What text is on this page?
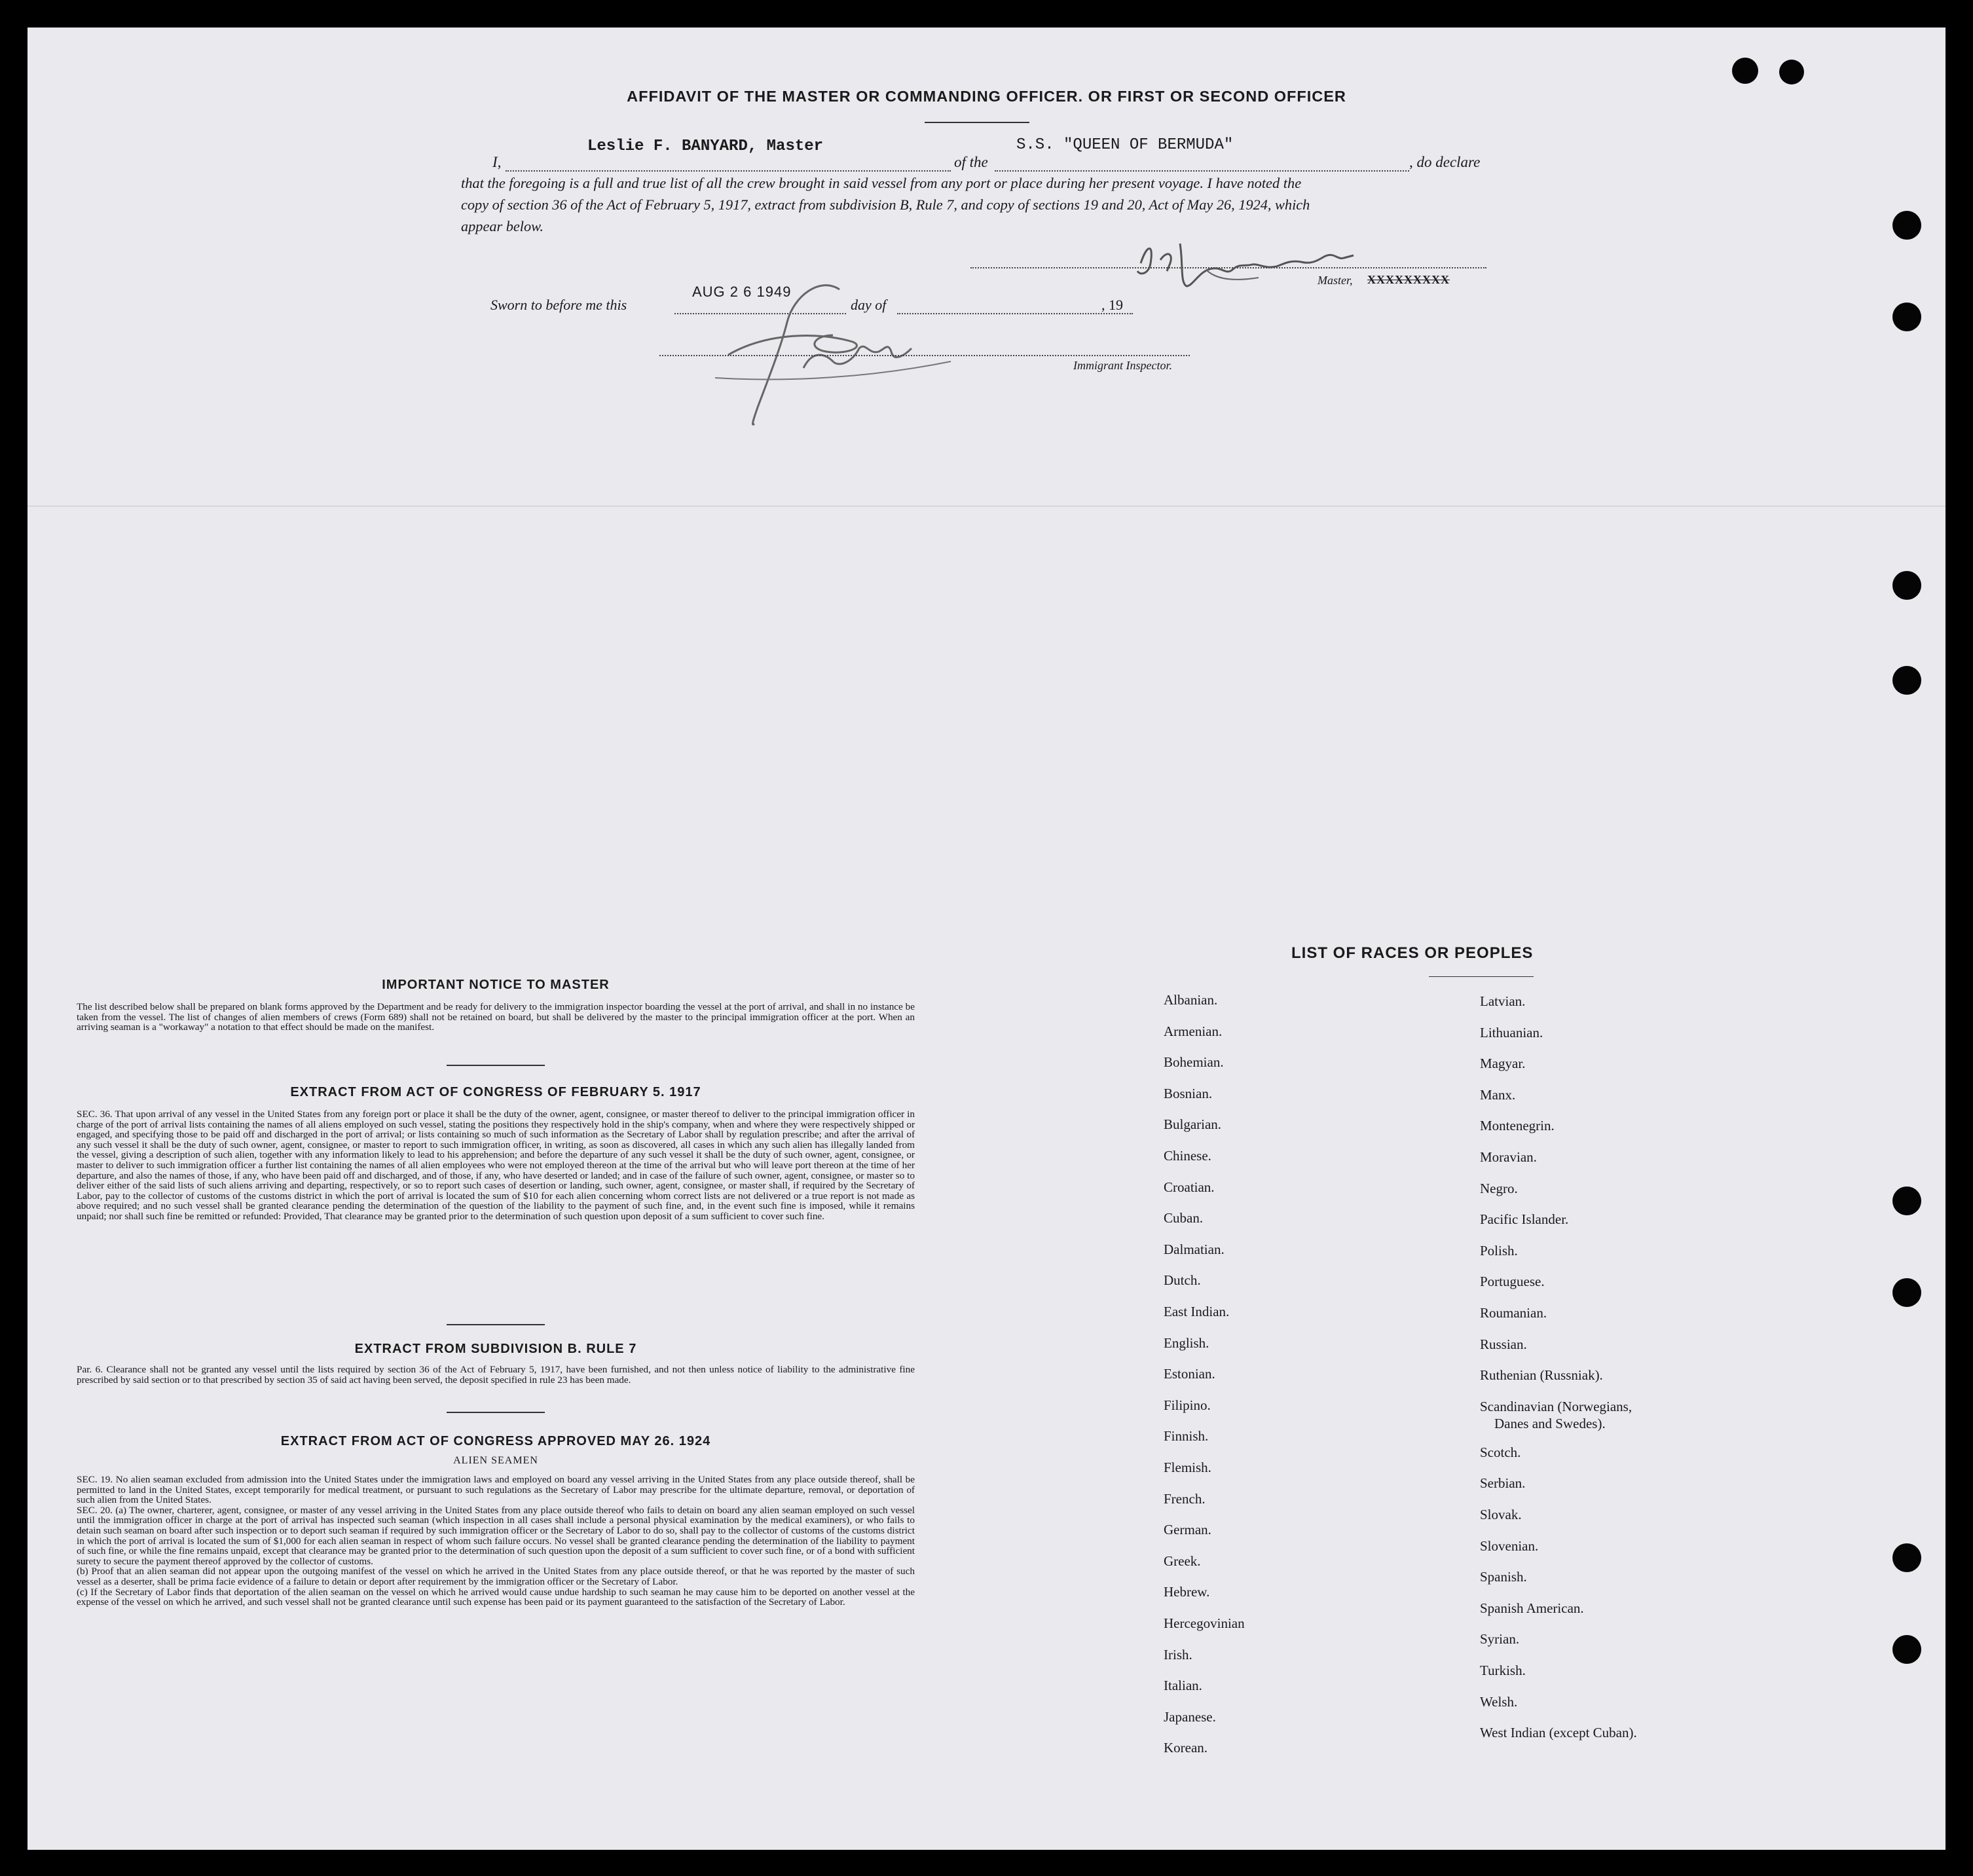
AFFIDAVIT OF THE MASTER OR COMMANDING OFFICER. OR FIRST OR SECOND OFFICER
I,
Leslie F. BANYARD, Master
of the
S.S. "QUEEN OF BERMUDA"
, do declare
that the foregoing is a full and true list of all the crew brought in said vessel from any port or place during her present voyage. I have noted the
copy of section 36 of the Act of February 5, 1917, extract from subdivision B, Rule 7, and copy of sections 19 and 20, Act of May 26, 1924, which
appear below.
Master, XXXXXXXXX
Sworn to before me this
AUG 2 6 1949
day of	, 19
Immigrant Inspector.
IMPORTANT NOTICE TO MASTER
The list described below shall be prepared on blank forms approved by the Department and be ready for delivery to the immigration inspector boarding the vessel at the port of arrival, and shall in no instance be taken from the vessel. The list of changes of alien members of crews (Form 689) shall not be retained on board, but shall be delivered by the master to the principal immigration officer at the port. When an arriving seaman is a "workaway" a notation to that effect should be made on the manifest.
EXTRACT FROM ACT OF CONGRESS OF FEBRUARY 5. 1917
SEC. 36. That upon arrival of any vessel in the United States from any foreign port or place it shall be the duty of the owner, agent, consignee, or master thereof to deliver to the principal immigration officer in charge of the port of arrival lists containing the names of all aliens employed on such vessel, stating the positions they respectively hold in the ship's company, when and where they were respectively shipped or engaged, and specifying those to be paid off and discharged in the port of arrival; or lists containing so much of such information as the Secretary of Labor shall by regulation prescribe; and after the arrival of any such vessel it shall be the duty of such owner, agent, consignee, or master to report to such immigration officer, in writing, as soon as discovered, all cases in which any such alien has illegally landed from the vessel, giving a description of such alien, together with any information likely to lead to his apprehension; and before the departure of any such vessel it shall be the duty of such owner, agent, consignee, or master to deliver to such immigration officer a further list containing the names of all alien employees who were not employed thereon at the time of the arrival but who will leave port thereon at the time of her departure, and also the names of those, if any, who have been paid off and discharged, and of those, if any, who have deserted or landed; and in case of the failure of such owner, agent, consignee, or master so to deliver either of the said lists of such aliens arriving and departing, respectively, or so to report such cases of desertion or landing, such owner, agent, consignee, or master shall, if required by the Secretary of Labor, pay to the collector of customs of the customs district in which the port of arrival is located the sum of $10 for each alien concerning whom correct lists are not delivered or a true report is not made as above required; and no such vessel shall be granted clearance pending the determination of the question of the liability to the payment of such fine, and, in the event such fine is imposed, while it remains unpaid; nor shall such fine be remitted or refunded: Provided, That clearance may be granted prior to the determination of such question upon deposit of a sum sufficient to cover such fine.
EXTRACT FROM SUBDIVISION B. RULE 7
Par. 6. Clearance shall not be granted any vessel until the lists required by section 36 of the Act of February 5, 1917, have been furnished, and not then unless notice of liability to the administrative fine prescribed by said section or to that prescribed by section 35 of said act having been served, the deposit specified in rule 23 has been made.
EXTRACT FROM ACT OF CONGRESS APPROVED MAY 26. 1924
ALIEN SEAMEN

SEC. 19. No alien seaman excluded from admission into the United States under the immigration laws and employed on board any vessel arriving in the United States from any place outside thereof, shall be permitted to land in the United States, except temporarily for medical treatment, or pursuant to such regulations as the Secretary of Labor may prescribe for the ultimate departure, removal, or deportation of such alien from the United States.

SEC. 20. (a) The owner, charterer, agent, consignee, or master of any vessel arriving in the United States from any place outside thereof who fails to detain on board any alien seaman employed on such vessel until the immigration officer in charge at the port of arrival has inspected such seaman (which inspection in all cases shall include a personal physical examination by the medical examiners), or who fails to detain such seaman on board after such inspection or to deport such seaman if required by such immigration officer or the Secretary of Labor to do so, shall pay to the collector of customs of the customs district in which the port of arrival is located the sum of $1,000 for each alien seaman in respect of whom such failure occurs. No vessel shall be granted clearance pending the determination of the liability to payment of such fine, or while the fine remains unpaid, except that clearance may be granted prior to the determination of such question upon the deposit of a sum sufficient to cover such fine, or of a bond with sufficient surety to secure the payment thereof approved by the collector of customs.

(b) Proof that an alien seaman did not appear upon the outgoing manifest of the vessel on which he arrived in the United States from any place outside thereof, or that he was reported by the master of such vessel as a deserter, shall be prima facie evidence of a failure to detain or deport after requirement by the immigration officer or the Secretary of Labor.

(c) If the Secretary of Labor finds that deportation of the alien seaman on the vessel on which he arrived would cause undue hardship to such seaman he may cause him to be deported on another vessel at the expense of the vessel on which he arrived, and such vessel shall not be granted clearance until such expense has been paid or its payment guaranteed to the satisfaction of the Secretary of Labor.

LIST OF RACES OR PEOPLES
Albanian.
Armenian.
Bohemian.
Bosnian.
Bulgarian.
Chinese.
Croatian.
Cuban.
Dalmatian.
Dutch.
East Indian.
English.
Estonian.
Filipino.
Finnish.
Flemish.
French.
German.
Greek.
Hebrew.
Hercegovinian
Irish.
Italian.
Japanese.
Korean.
Latvian.
Lithuanian.
Magyar.
Manx.
Montenegrin.
Moravian.
Negro.
Pacific Islander.
Polish.
Portuguese.
Roumanian.
Russian.
Ruthenian (Russniak).
Scandinavian (Norwegians,
Danes and Swedes).
Scotch.
Serbian.
Slovak.
Slovenian.
Spanish.
Spanish American.
Syrian.
Turkish.
Welsh.
West Indian (except Cuban).
